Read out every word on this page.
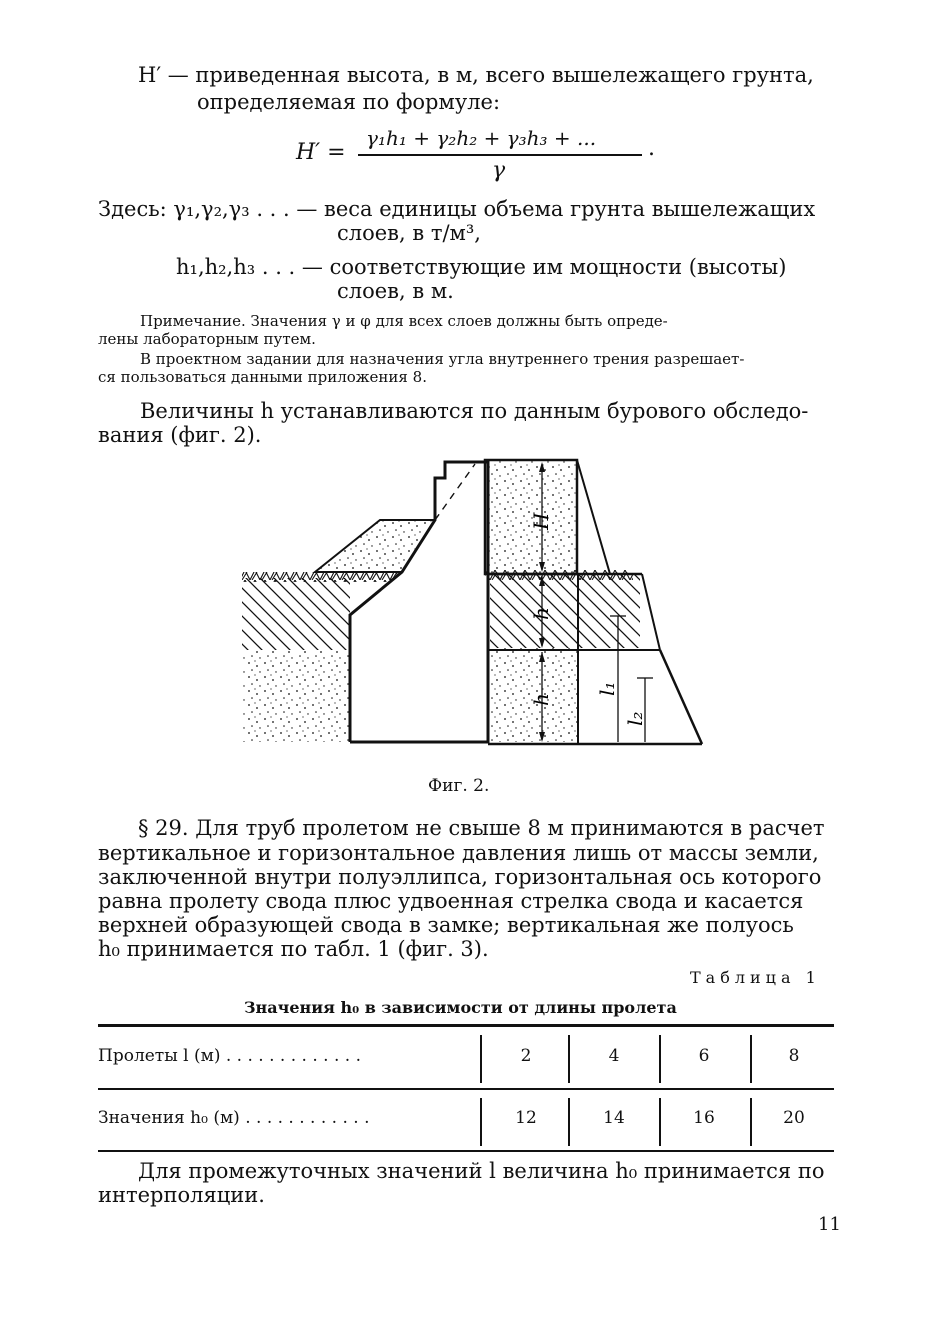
H′ — приведенная высота, в м, всего вышележащего грунта,
определяемая по формуле:
H′ =
γ₁h₁ + γ₂h₂ + γ₃h₃ + ...
γ
.
Здесь: γ₁,γ₂,γ₃ . . . — веса единицы объема грунта вышележащих
слоев, в т/м³,
h₁,h₂,h₃ . . . — соответствующие им мощности (высоты)
слоев, в м.
Примечание. Значения γ и φ для всех слоев должны быть опреде-
лены лабораторным путем.
В проектном задании для назначения угла внутреннего трения разрешает-
ся пользоваться данными приложения 8.
Величины h устанавливаются по данным бурового обследо-
вания (фиг. 2).
H
h
h
l₁
l₂
Фиг. 2.
§ 29. Для труб пролетом не свыше 8 м принимаются в расчет
вертикальное и горизонтальное давления лишь от массы земли,
заключенной внутри полуэллипса, горизонтальная ось которого
равна пролету свода плюс удвоенная стрелка свода и касается
верхней образующей свода в замке; вертикальная же полуось
h₀ принимается по табл. 1 (фиг. 3).
Таблица 1
Значения h₀ в зависимости от длины пролета
Пролеты l (м) . . . . . . . . . . . . .	2	4	6	8
Значения h₀ (м) . . . . . . . . . . . .	12	14	16	20
Для промежуточных значений l величина h₀ принимается по
интерполяции.
11
